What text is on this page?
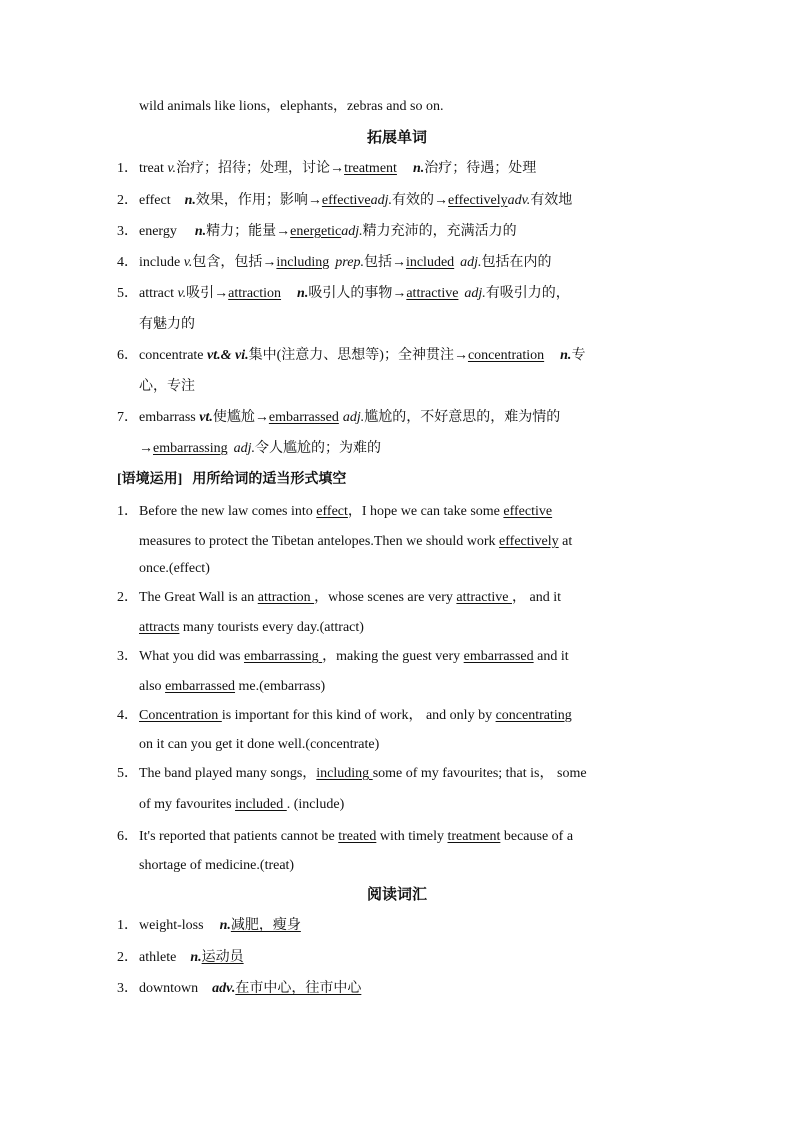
wild animals like lions，elephants，zebras and so on.
拓展单词
1．treat v.治疗；招待；处理，讨论→treatment n.治疗；待遇；处理
2．effect n.效果，作用；影响→effectiveadj.有效的→effectivelyadv.有效地
3．energy n.精力；能量→energeticadj.精力充沛的，充满活力的
4．include v.包含，包括→including prep.包括→included adj.包括在内的
5．attract v.吸引→attraction n.吸引人的事物→attractive adj.有吸引力的，
有魅力的
6．concentrate vt.& vi.集中(注意力、思想等)；全神贯注→concentration n.专
心，专注
7．embarrass vt.使尴尬→embarrassed adj.尴尬的，不好意思的，难为情的
→embarrassing adj.令人尴尬的；为难的
[语境运用] 用所给词的适当形式填空
1．Before the new law comes into effect，I hope we can take some effective
measures to protect the Tibetan antelopes.Then we should work effectively at
once.(effect)
2．The Great Wall is an attraction ，whose scenes are very attractive ， and it
attracts many tourists every day.(attract)
3．What you did was embarrassing ，making the guest very embarrassed and it
also embarrassed me.(embarrass)
4．Concentration is important for this kind of work， and only by concentrating
on it can you get it done well.(concentrate)
5．The band played many songs，including some of my favourites; that is， some
of my favourites included . (include)
6．It's reported that patients cannot be treated with timely treatment because of a
shortage of medicine.(treat)
阅读词汇
1．weight-loss n.减肥，瘦身
2．athlete n.运动员
3．downtown adv.在市中心，往市中心
